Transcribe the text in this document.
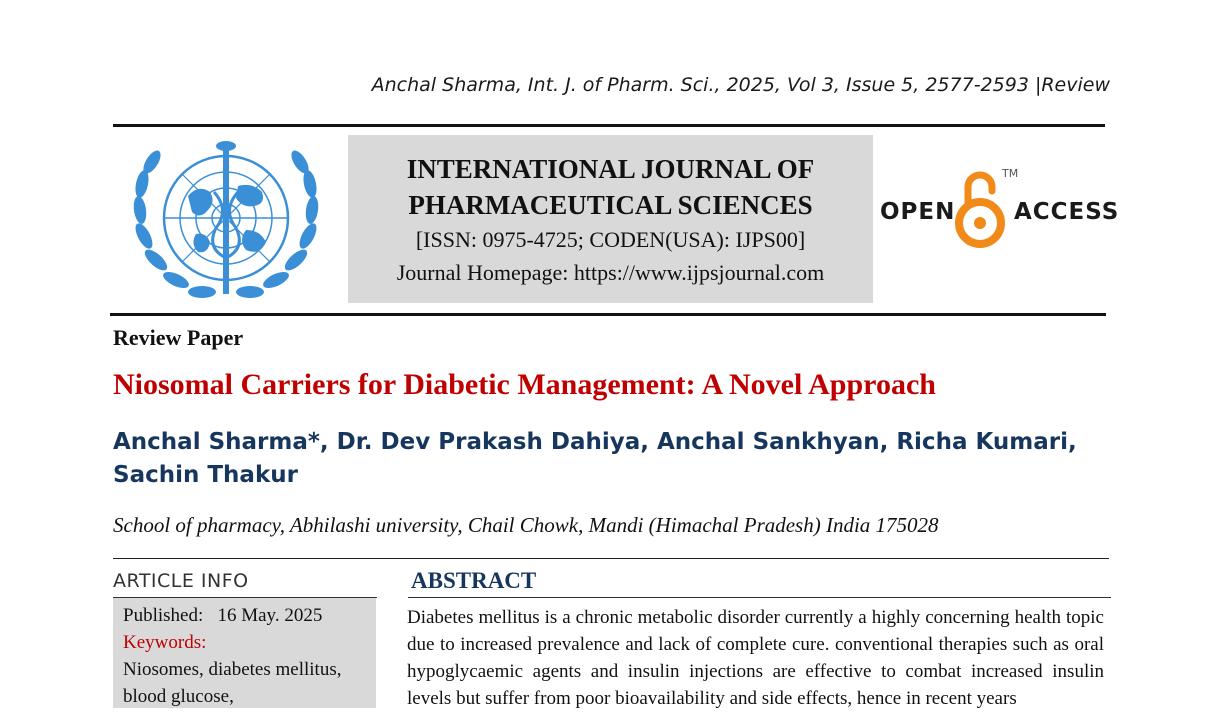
Anchal Sharma, Int. J. of Pharm. Sci., 2025, Vol 3, Issue 5, 2577-2593 |Review
INTERNATIONAL JOURNAL OF
PHARMACEUTICAL SCIENCES
[ISSN: 0975-4725; CODEN(USA): IJPS00]
Journal Homepage: https://www.ijpsjournal.com
OPEN
TM
ACCESS
Review Paper
Niosomal Carriers for Diabetic Management: A Novel Approach
Anchal Sharma*, Dr. Dev Prakash Dahiya, Anchal Sankhyan, Richa Kumari, Sachin Thakur
School of pharmacy, Abhilashi university, Chail Chowk, Mandi (Himachal Pradesh) India 175028
ARTICLE INFO
Published: 16 May. 2025
Keywords:
Niosomes, diabetes mellitus, blood glucose,
ABSTRACT
Diabetes mellitus is a chronic metabolic disorder currently a highly concerning health topic due to increased prevalence and lack of complete cure. conventional therapies such as oral hypoglycaemic agents and insulin injections are effective to combat increased insulin levels but suffer from poor bioavailability and side effects, hence in recent years
